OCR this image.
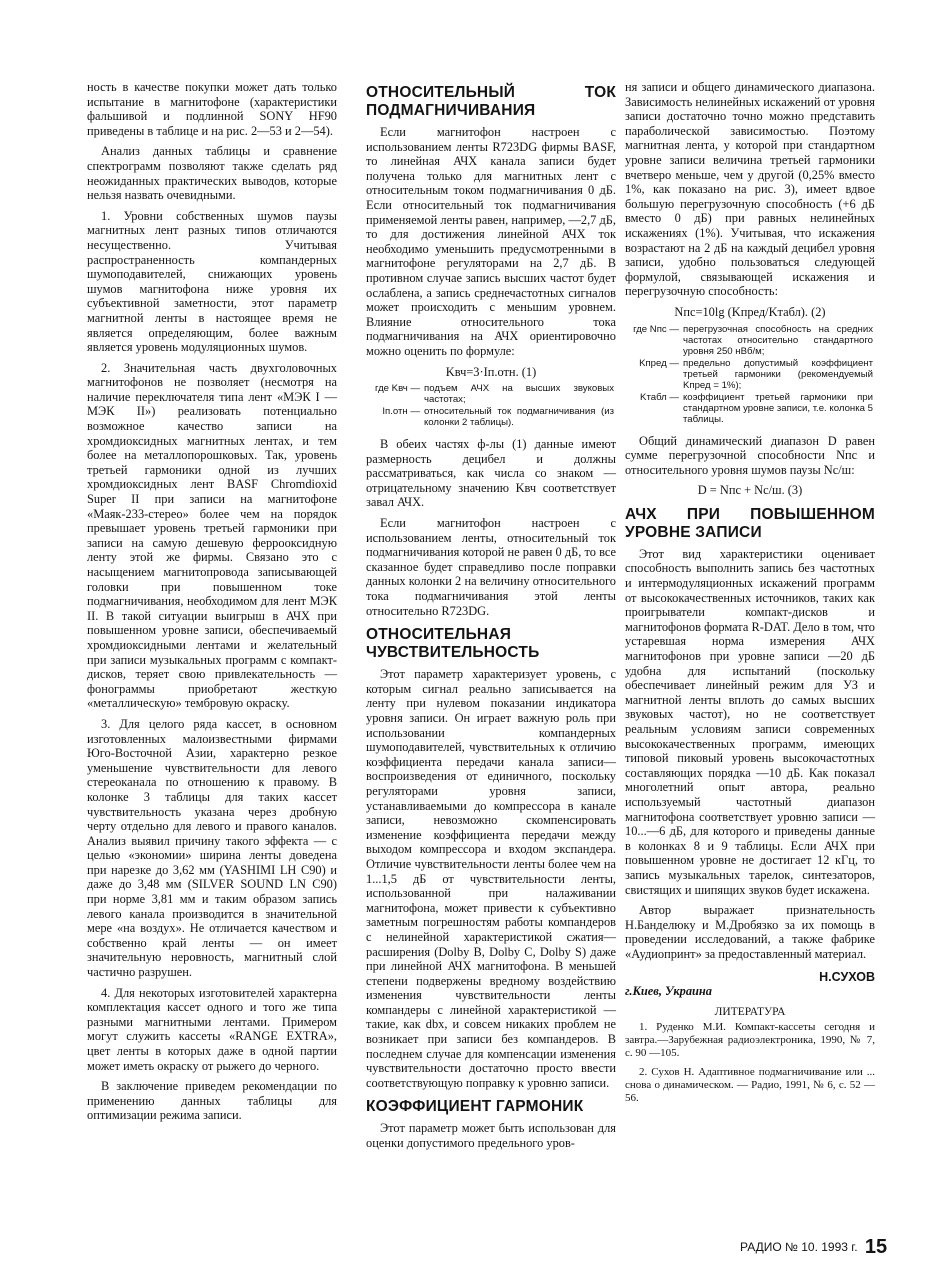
ность в качестве покупки может дать только испытание в магнитофоне (характеристики фальшивой и подлинной SONY HF90 приведены в таблице и на рис. 2—53 и 2—54).

Анализ данных таблицы и сравнение спектрограмм позволяют также сделать ряд неожиданных практических выводов, которые нельзя назвать очевидными.

1. Уровни собственных шумов паузы магнитных лент разных типов отличаются несущественно. Учитывая распространенность компандерных шумоподавителей, снижающих уровень шумов магнитофона ниже уровня их субъективной заметности, этот параметр магнитной ленты в настоящее время не является определяющим, более важным является уровень модуляционных шумов.

2. Значительная часть двухголовочных магнитофонов не позволяет (несмотря на наличие переключателя типа лент «МЭК I — МЭК II») реализовать потенциально возможное качество записи на хромдиоксидных магнитных лентах, и тем более на металлопорошковых. Так, уровень третьей гармоники одной из лучших хромдиоксидных лент BASF Chromdioxid Super II при записи на магнитофоне «Маяк-233-стерео» более чем на порядок превышает уровень третьей гармоники при записи на самую дешевую феррооксидную ленту этой же фирмы. Связано это с насыщением магнитопровода записывающей головки при повышенном токе подмагничивания, необходимом для лент МЭК II. В такой ситуации выигрыш в АЧХ при повышенном уровне записи, обеспечиваемый хромдиоксидными лентами и желательный при записи музыкальных программ с компакт-дисков, теряет свою привлекательность — фонограммы приобретают жесткую «металлическую» тембровую окраску.

3. Для целого ряда кассет, в основном изготовленных малоизвестными фирмами Юго-Восточной Азии, характерно резкое уменьшение чувствительности для левого стереоканала по отношению к правому. В колонке 3 таблицы для таких кассет чувствительность указана через дробную черту отдельно для левого и правого каналов. Анализ выявил причину такого эффекта — с целью «экономии» ширина ленты доведена при нарезке до 3,62 мм (YASHIMI LH C90) и даже до 3,48 мм (SILVER SOUND LN C90) при норме 3,81 мм и таким образом запись левого канала производится в значительной мере «на воздух». Не отличается качеством и собственно край ленты — он имеет значительную неровность, магнитный слой частично разрушен.

4. Для некоторых изготовителей характерна комплектация кассет одного и того же типа разными магнитными лентами. Примером могут служить кассеты «RANGE EXTRA», цвет ленты в которых даже в одной партии может иметь окраску от рыжего до черного.

В заключение приведем рекомендации по применению данных таблицы для оптимизации режима записи.

ОТНОСИТЕЛЬНЫЙ ТОК ПОДМАГНИЧИВАНИЯ

Если магнитофон настроен с использованием ленты R723DG фирмы BASF, то линейная АЧХ канала записи будет получена только для магнитных лент с относительным током подмагничивания 0 дБ. Если относительный ток подмагничивания применяемой ленты равен, например, —2,7 дБ, то для достижения линейной АЧХ ток необходимо уменьшить предусмотренными в магнитофоне регуляторами на 2,7 дБ. В противном случае запись высших частот будет ослаблена, а запись среднечастотных сигналов может происходить с меньшим уровнем. Влияние относительного тока подмагничивания на АЧХ ориентировочно можно оценить по формуле:

Kвч=3·Iп.отн. (1)
где Kвч —	подъем АЧХ на высших звуковых частотах;
Iп.отн —	относительный ток подмагничивания (из колонки 2 таблицы).

В обеих частях ф-лы (1) данные имеют размерность децибел и должны рассматриваться, как числа со знаком — отрицательному значению Kвч соответствует завал АЧХ.

Если магнитофон настроен с использованием ленты, относительный ток подмагничивания которой не равен 0 дБ, то все сказанное будет справедливо после поправки данных колонки 2 на величину относительного тока подмагничивания этой ленты относительно R723DG.

ОТНОСИТЕЛЬНАЯ ЧУВСТВИТЕЛЬНОСТЬ

Этот параметр характеризует уровень, с которым сигнал реально записывается на ленту при нулевом показании индикатора уровня записи. Он играет важную роль при использовании компандерных шумоподавителей, чувствительных к отличию коэффициента передачи канала записи—воспроизведения от единичного, поскольку регуляторами уровня записи, устанавливаемыми до компрессора в канале записи, невозможно скомпенсировать изменение коэффициента передачи между выходом компрессора и входом экспандера. Отличие чувствительности ленты более чем на 1...1,5 дБ от чувствительности ленты, использованной при налаживании магнитофона, может привести к субъективно заметным погрешностям работы компандеров с нелинейной характеристикой сжатия—расширения (Dolby B, Dolby C, Dolby S) даже при линейной АЧХ магнитофона. В меньшей степени подвержены вредному воздействию изменения чувствительности ленты компандеры с линейной характеристикой — такие, как dbx, и совсем никаких проблем не возникает при записи без компандеров. В последнем случае для компенсации изменения чувствительности достаточно просто ввести соответствующую поправку к уровню записи.

КОЭФФИЦИЕНТ ГАРМОНИК

Этот параметр может быть использован для оценки допустимого предельного уров-

ня записи и общего динамического диапазона. Зависимость нелинейных искажений от уровня записи достаточно точно можно представить параболической зависимостью. Поэтому магнитная лента, у которой при стандартном уровне записи величина третьей гармоники вчетверо меньше, чем у другой (0,25% вместо 1%, как показано на рис. 3), имеет вдвое большую перегрузочную способность (+6 дБ вместо 0 дБ) при равных нелинейных искажениях (1%). Учитывая, что искажения возрастают на 2 дБ на каждый децибел уровня записи, удобно пользоваться следующей формулой, связывающей искажения и перегрузочную способность:

Nпс=10lg (Kпред/Kтабл). (2)
где Nпс —	перегрузочная способность на средних частотах относительно стандартного уровня 250 нВб/м;
Kпред —	предельно допустимый коэффициент третьей гармоники (рекомендуемый Kпред = 1%);
Kтабл —	коэффициент третьей гармоники при стандартном уровне записи, т.е. колонка 5 таблицы.

Общий динамический диапазон D равен сумме перегрузочной способности Nпс и относительного уровня шумов паузы Nс/ш:

D = Nпс + Nс/ш. (3)
АЧХ ПРИ ПОВЫШЕННОМ УРОВНЕ ЗАПИСИ

Этот вид характеристики оценивает способность выполнить запись без частотных и интермодуляционных искажений программ от высококачественных источников, таких как проигрыватели компакт-дисков и магнитофонов формата R-DAT. Дело в том, что устаревшая норма измерения АЧХ магнитофонов при уровне записи —20 дБ удобна для испытаний (поскольку обеспечивает линейный режим для УЗ и магнитной ленты вплоть до самых высших звуковых частот), но не соответствует реальным условиям записи современных высококачественных программ, имеющих типовой пиковый уровень высокочастотных составляющих порядка —10 дБ. Как показал многолетний опыт автора, реально используемый частотный диапазон магнитофона соответствует уровню записи —10...—6 дБ, для которого и приведены данные в колонках 8 и 9 таблицы. Если АЧХ при повышенном уровне не достигает 12 кГц, то запись музыкальных тарелок, синтезаторов, свистящих и шипящих звуков будет искажена.

Автор выражает признательность Н.Банделюку и М.Дробязко за их помощь в проведении исследований, а также фабрике «Аудиопринт» за предоставленный материал.

Н.СУХОВ
г.Киев, Украина
ЛИТЕРАТУРА

1. Руденко М.И. Компакт-кассеты сегодня и завтра.—Зарубежная радиоэлектроника, 1990, № 7, с. 90 —105.

2. Сухов Н. Адаптивное подмагничивание или ... снова о динамическом. — Радио, 1991, № 6, с. 52 — 56.

РАДИО № 10. 1993 г. 15
